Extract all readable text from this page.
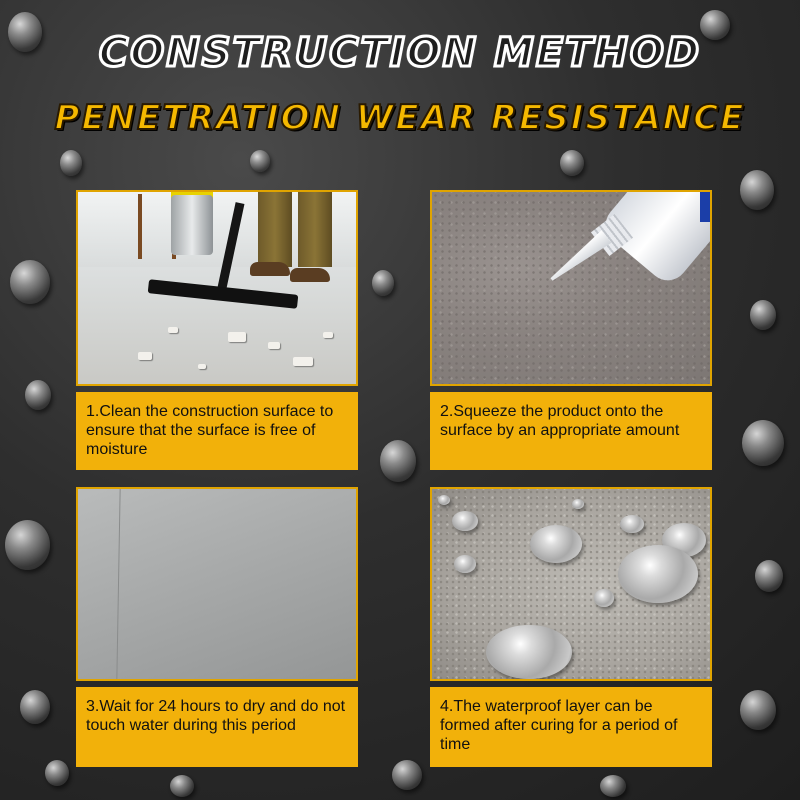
CONSTRUCTION METHOD
PENETRATION WEAR RESISTANCE
1.Clean the construction surface to ensure that the surface is free of moisture
2.Squeeze the product onto the surface by an appropriate amount
3.Wait for 24 hours to dry and do not touch water during this period
4.The waterproof layer can be formed after curing for a period of time
